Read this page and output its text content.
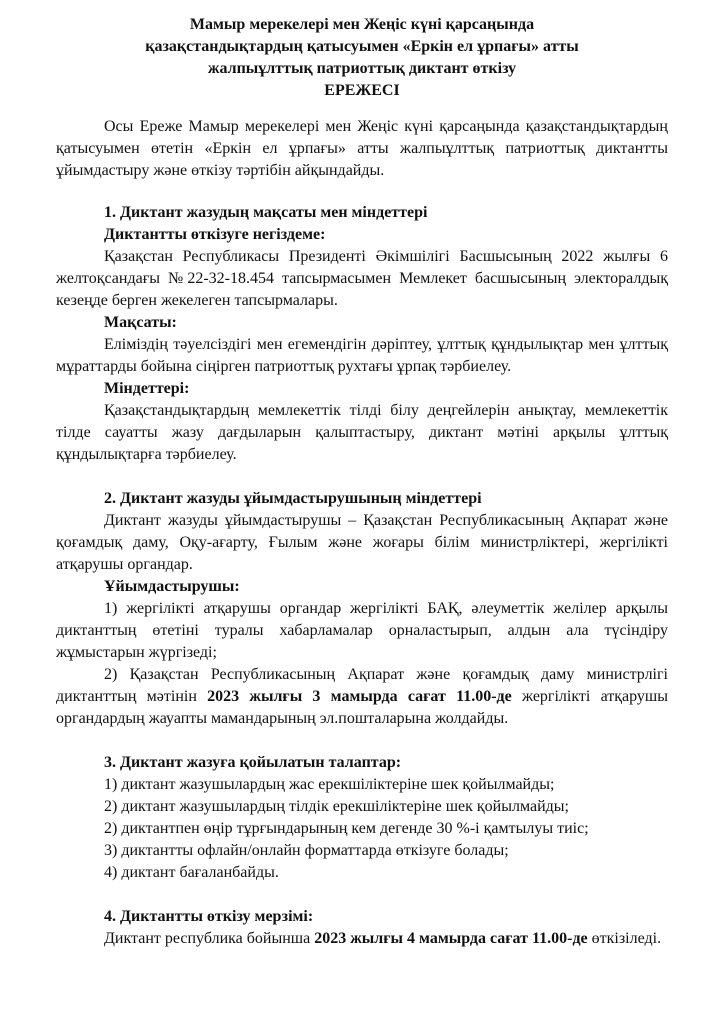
Мамыр мерекелері мен Жеңіс күні қарсаңында
қазақстандықтардың қатысуымен «Еркін ел ұрпағы» атты
жалпыұлттық патриоттық диктант өткізу
ЕРЕЖЕСІ

Осы Ереже Мамыр мерекелері мен Жеңіс күні қарсаңында қазақстандықтардың қатысуымен өтетін «Еркін ел ұрпағы» атты жалпыұлттық патриоттық диктантты ұйымдастыру және өткізу тәртібін айқындайды.

1. Диктант жазудың мақсаты мен міндеттері

Диктантты өткізуге негіздеме:

Қазақстан Республикасы Президенті Әкімшілігі Басшысының 2022 жылғы 6 желтоқсандағы №22-32-18.454 тапсырмасымен Мемлекет басшысының электоралдық кезеңде берген жекелеген тапсырмалары.

Мақсаты:

Еліміздің тәуелсіздігі мен егемендігін дәріптеу, ұлттық құндылықтар мен ұлттық мұраттарды бойына сіңірген патриоттық рухтағы ұрпақ тәрбиелеу.

Міндеттері:

Қазақстандықтардың мемлекеттік тілді білу деңгейлерін анықтау, мемлекеттік тілде сауатты жазу дағдыларын қалыптастыру, диктант мәтіні арқылы ұлттық құндылықтарға тәрбиелеу.

2. Диктант жазуды ұйымдастырушының міндеттері

Диктант жазуды ұйымдастырушы – Қазақстан Республикасының Ақпарат және қоғамдық даму, Оқу-ағарту, Ғылым және жоғары білім министрліктері, жергілікті атқарушы органдар.

Ұйымдастырушы:

1) жергілікті атқарушы органдар жергілікті БАҚ, әлеуметтік желілер арқылы диктанттың өтетіні туралы хабарламалар орналастырып, алдын ала түсіндіру жұмыстарын жүргізеді;

2) Қазақстан Республикасының Ақпарат және қоғамдық даму министрлігі диктанттың мәтінін 2023 жылғы 3 мамырда сағат 11.00-де жергілікті атқарушы органдардың жауапты мамандарының эл.пошталарына жолдайды.

3. Диктант жазуға қойылатын талаптар:

1) диктант жазушылардың жас ерекшіліктеріне шек қойылмайды;

2) диктант жазушылардың тілдік ерекшіліктеріне шек қойылмайды;

2) диктантпен өңір тұрғындарының кем дегенде 30 %-і қамтылуы тиіс;

3) диктантты офлайн/онлайн форматтарда өткізуге болады;

4) диктант бағаланбайды.

4. Диктантты өткізу мерзімі:

Диктант республика бойынша 2023 жылғы 4 мамырда сағат 11.00-де өткізіледі.
